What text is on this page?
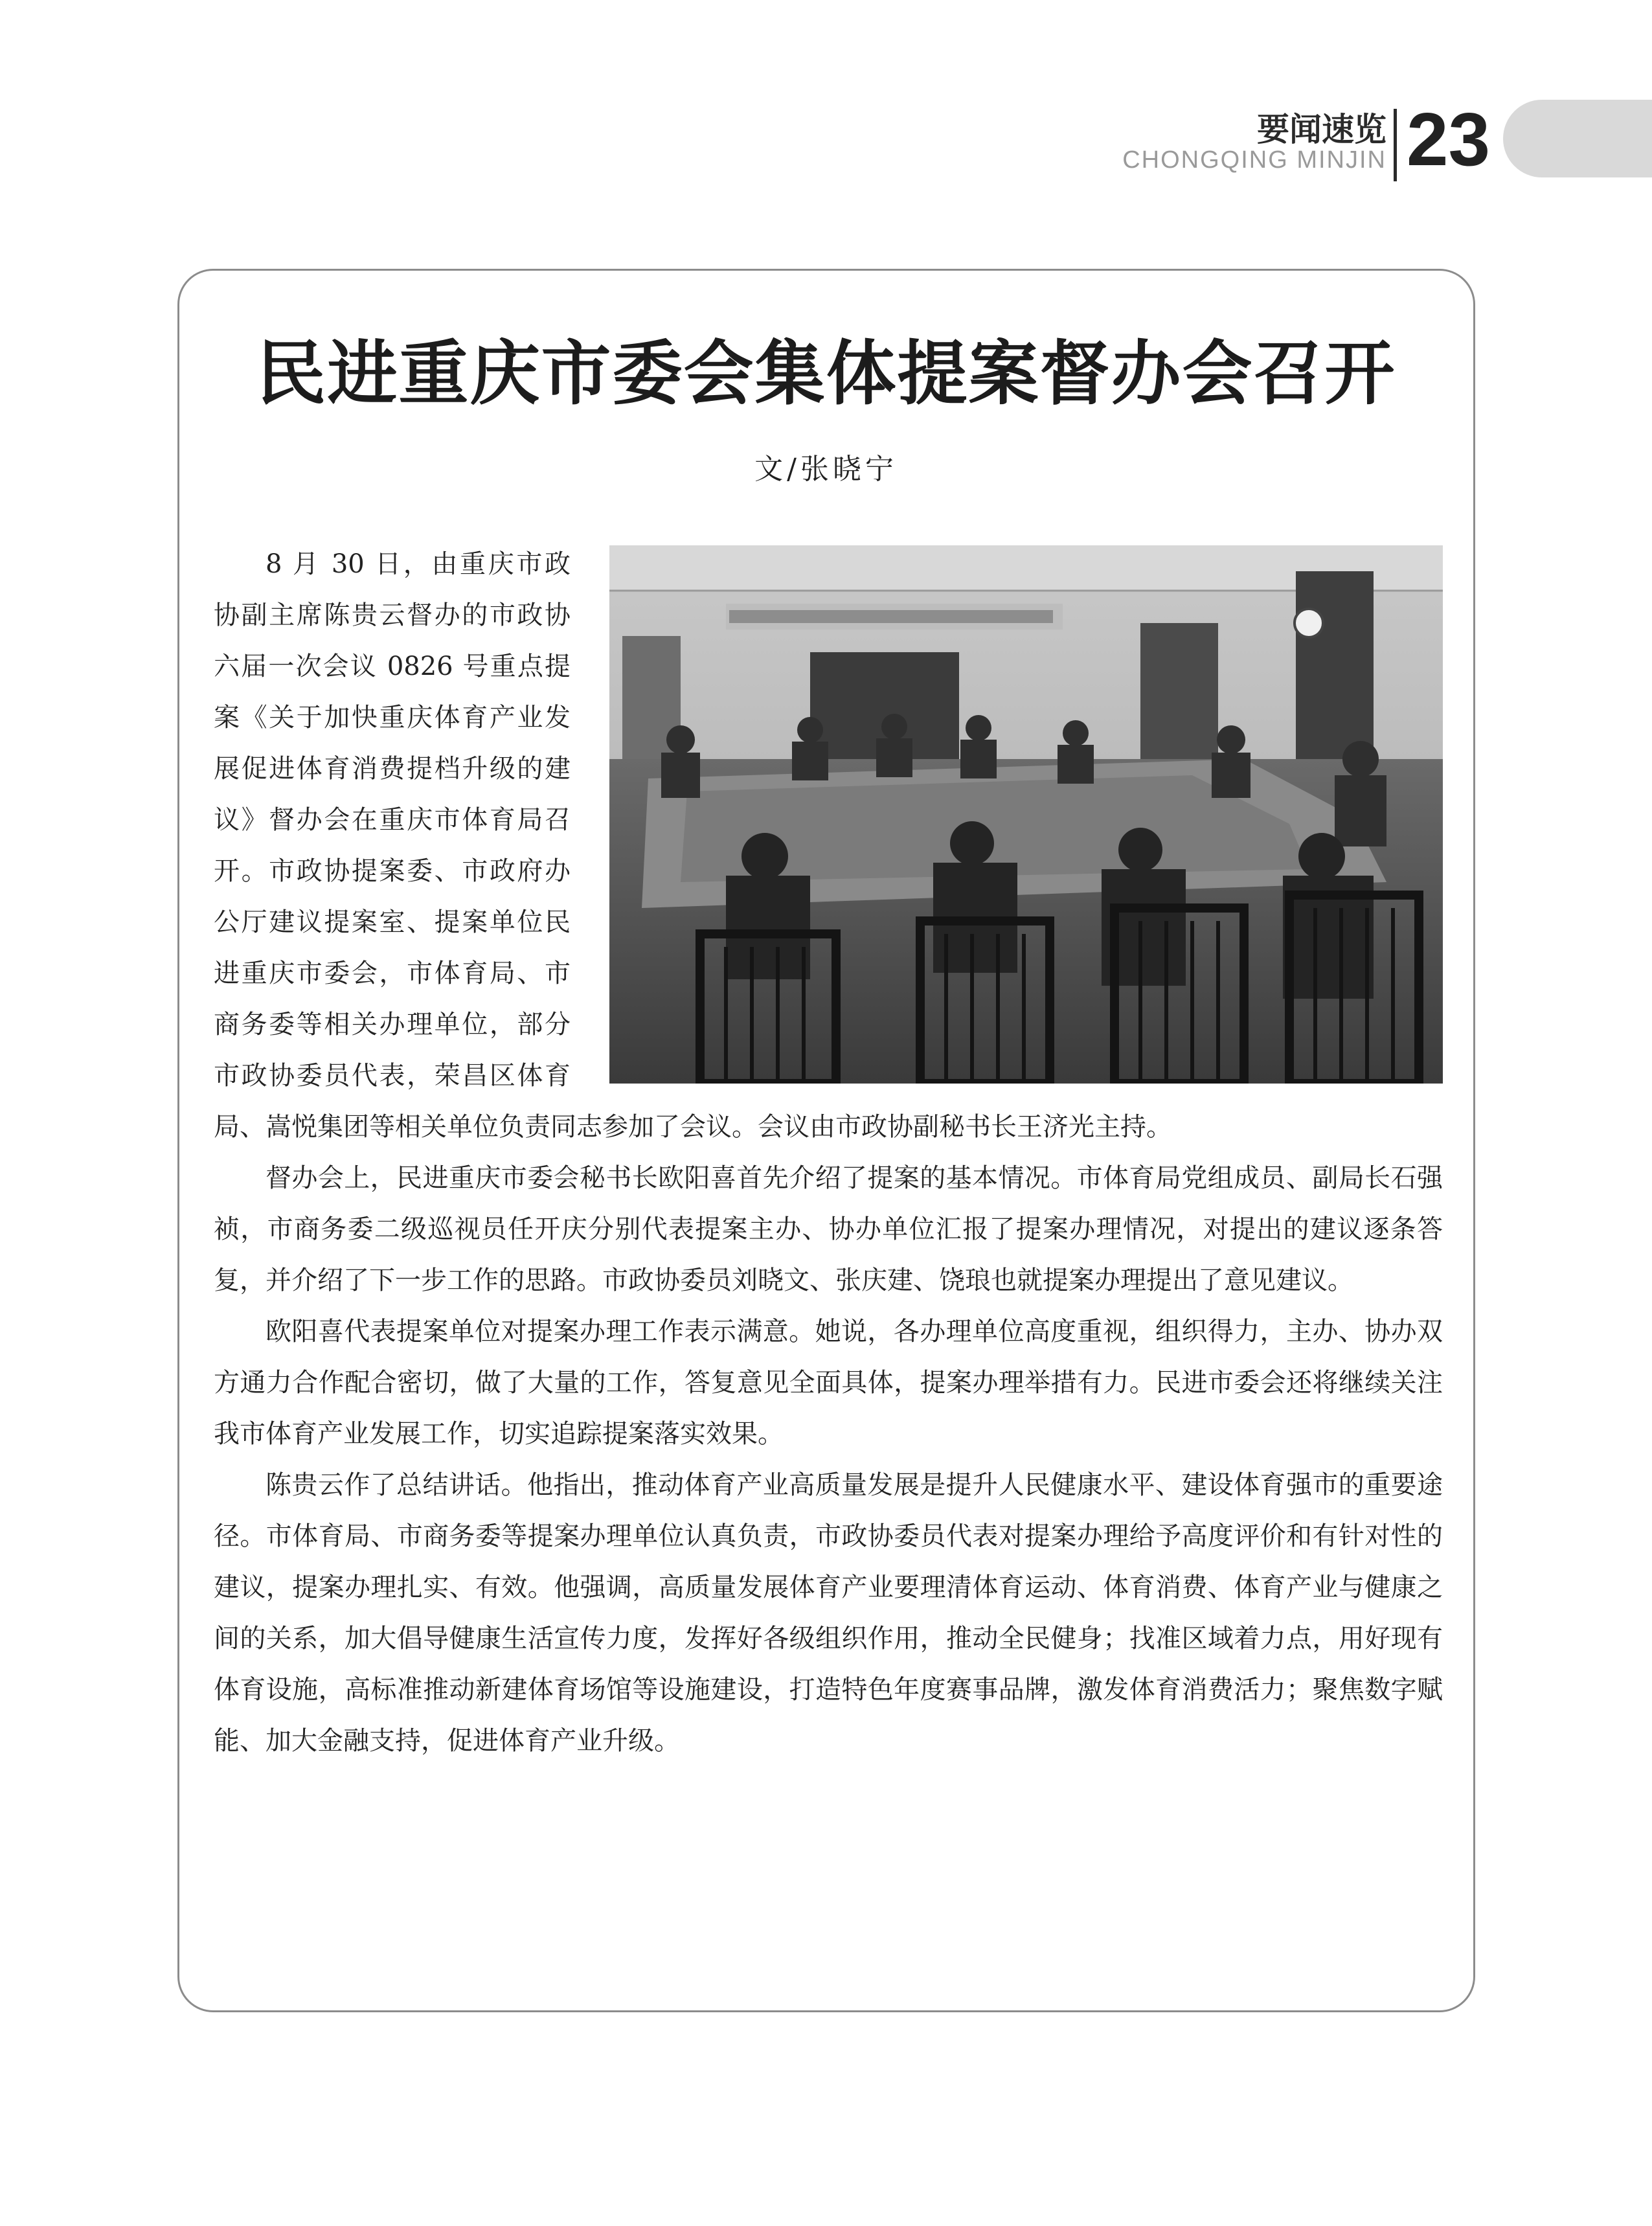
要闻速览
CHONGQING MINJIN 23
民进重庆市委会集体提案督办会召开
文/张晓宁

8 月 30 日，由重庆市政协副主席陈贵云督办的市政协六届一次会议 0826 号重点提案《关于加快重庆体育产业发展促进体育消费提档升级的建议》督办会在重庆市体育局召开。市政协提案委、市政府办公厅建议提案室、提案单位民进重庆市委会，市体育局、市商务委等相关办理单位，部分市政协委员代表，荣昌区体育局、嵩悦集团等相关单位负责同志参加了会议。会议由市政协副秘书长王济光主持。

督办会上，民进重庆市委会秘书长欧阳喜首先介绍了提案的基本情况。市体育局党组成员、副局长石强祯，市商务委二级巡视员任开庆分别代表提案主办、协办单位汇报了提案办理情况，对提出的建议逐条答复，并介绍了下一步工作的思路。市政协委员刘晓文、张庆建、饶琅也就提案办理提出了意见建议。

欧阳喜代表提案单位对提案办理工作表示满意。她说，各办理单位高度重视，组织得力，主办、协办双方通力合作配合密切，做了大量的工作，答复意见全面具体，提案办理举措有力。民进市委会还将继续关注我市体育产业发展工作，切实追踪提案落实效果。

陈贵云作了总结讲话。他指出，推动体育产业高质量发展是提升人民健康水平、建设体育强市的重要途径。市体育局、市商务委等提案办理单位认真负责，市政协委员代表对提案办理给予高度评价和有针对性的建议，提案办理扎实、有效。他强调，高质量发展体育产业要理清体育运动、体育消费、体育产业与健康之间的关系，加大倡导健康生活宣传力度，发挥好各级组织作用，推动全民健身；找准区域着力点，用好现有体育设施，高标准推动新建体育场馆等设施建设，打造特色年度赛事品牌，激发体育消费活力；聚焦数字赋能、加大金融支持，促进体育产业升级。
